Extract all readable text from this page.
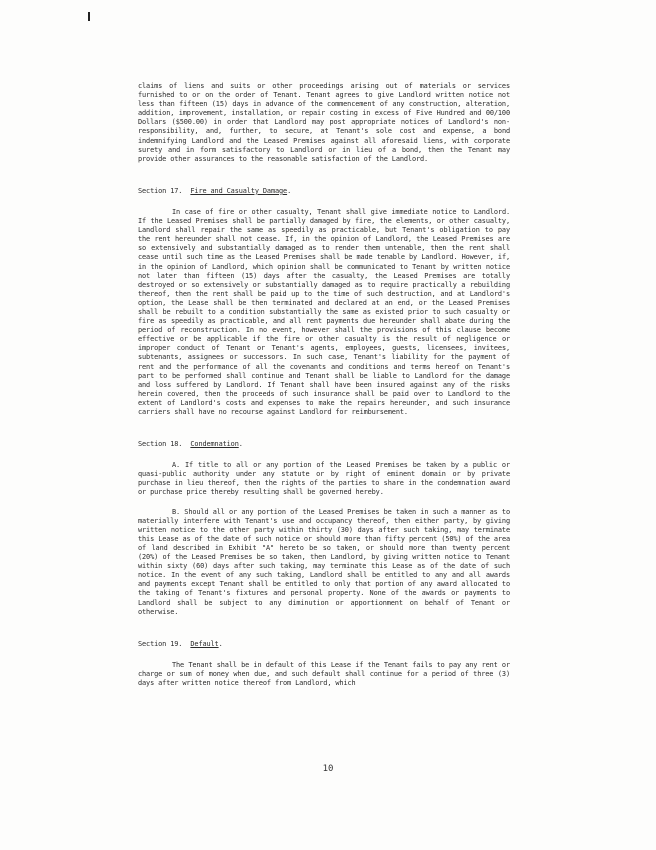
claims of liens and suits or other proceedings arising out of materials or services furnished to or on the order of Tenant. Tenant agrees to give Landlord written notice not less than fifteen (15) days in advance of the commencement of any construction, alteration, addition, improvement, installation, or repair costing in excess of Five Hundred and 00/100 Dollars ($500.00) in order that Landlord may post appropriate notices of Landlord's non-responsibility, and, further, to secure, at Tenant's sole cost and expense, a bond indemnifying Landlord and the Leased Premises against all aforesaid liens, with corporate surety and in form satisfactory to Landlord or in lieu of a bond, then the Tenant may provide other assurances to the reasonable satisfaction of the Landlord.

Section 17. Fire and Casualty Damage.

In case of fire or other casualty, Tenant shall give immediate notice to Landlord. If the Leased Premises shall be partially damaged by fire, the elements, or other casualty, Landlord shall repair the same as speedily as practicable, but Tenant's obligation to pay the rent hereunder shall not cease. If, in the opinion of Landlord, the Leased Premises are so extensively and substantially damaged as to render them untenable, then the rent shall cease until such time as the Leased Premises shall be made tenable by Landlord. However, if, in the opinion of Landlord, which opinion shall be communicated to Tenant by written notice not later than fifteen (15) days after the casualty, the Leased Premises are totally destroyed or so extensively or substantially damaged as to require practically a rebuilding thereof, then the rent shall be paid up to the time of such destruction, and at Landlord's option, the Lease shall be then terminated and declared at an end, or the Leased Premises shall be rebuilt to a condition substantially the same as existed prior to such casualty or fire as speedily as practicable, and all rent payments due hereunder shall abate during the period of reconstruction. In no event, however shall the provisions of this clause become effective or be applicable if the fire or other casualty is the result of negligence or improper conduct of Tenant or Tenant's agents, employees, guests, licensees, invitees, subtenants, assignees or successors. In such case, Tenant's liability for the payment of rent and the performance of all the covenants and conditions and terms hereof on Tenant's part to be performed shall continue and Tenant shall be liable to Landlord for the damage and loss suffered by Landlord. If Tenant shall have been insured against any of the risks herein covered, then the proceeds of such insurance shall be paid over to Landlord to the extent of Landlord's costs and expenses to make the repairs hereunder, and such insurance carriers shall have no recourse against Landlord for reimbursement.

Section 18. Condemnation.

A. If title to all or any portion of the Leased Premises be taken by a public or quasi-public authority under any statute or by right of eminent domain or by private purchase in lieu thereof, then the rights of the parties to share in the condemnation award or purchase price thereby resulting shall be governed hereby.

B. Should all or any portion of the Leased Premises be taken in such a manner as to materially interfere with Tenant's use and occupancy thereof, then either party, by giving written notice to the other party within thirty (30) days after such taking, may terminate this Lease as of the date of such notice or should more than fifty percent (50%) of the area of land described in Exhibit "A" hereto be so taken, or should more than twenty percent (20%) of the Leased Premises be so taken, then Landlord, by giving written notice to Tenant within sixty (60) days after such taking, may terminate this Lease as of the date of such notice. In the event of any such taking, Landlord shall be entitled to any and all awards and payments except Tenant shall be entitled to only that portion of any award allocated to the taking of Tenant's fixtures and personal property. None of the awards or payments to Landlord shall be subject to any diminution or apportionment on behalf of Tenant or otherwise.

Section 19. Default.

The Tenant shall be in default of this Lease if the Tenant fails to pay any rent or charge or sum of money when due, and such default shall continue for a period of three (3) days after written notice thereof from Landlord, which

10
